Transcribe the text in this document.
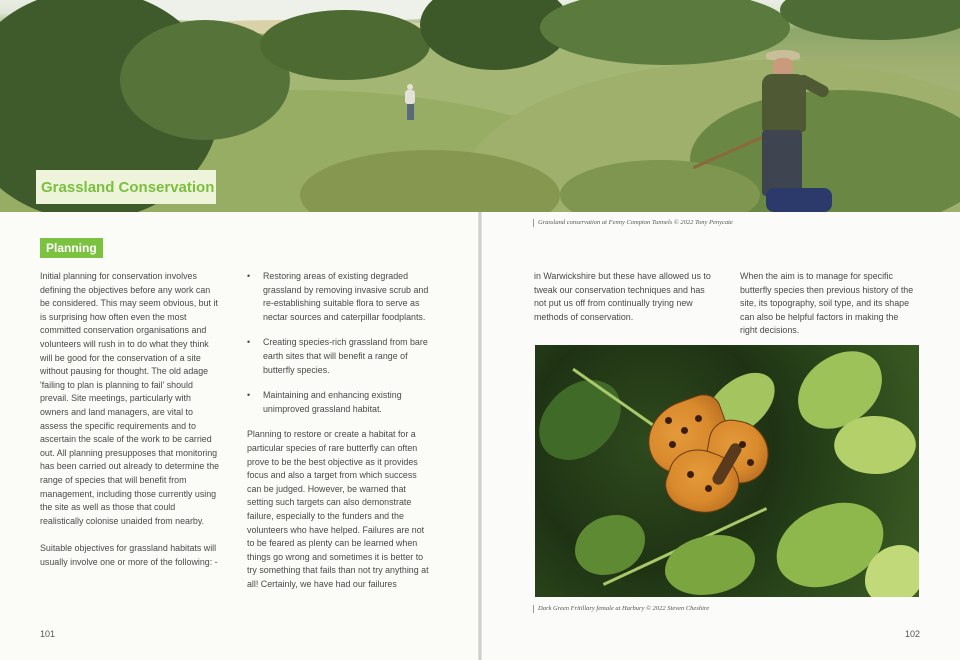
Grassland Conservation
Grassland conservation at Fenny Compton Tunnels © 2022 Tony Penycate
Planning

Initial planning for conservation involves defining the objectives before any work can be considered. This may seem obvious, but it is surprising how often even the most committed conservation organisations and volunteers will rush in to do what they think will be good for the conservation of a site without pausing for thought. The old adage 'failing to plan is planning to fail' should prevail. Site meetings, particularly with owners and land managers, are vital to assess the specific requirements and to ascertain the scale of the work to be carried out. All planning presupposes that monitoring has been carried out already to determine the range of species that will benefit from management, including those currently using the site as well as those that could realistically colonise unaided from nearby.

Suitable objectives for grassland habitats will usually involve one or more of the following: -

• Restoring areas of existing degraded grassland by removing invasive scrub and re-establishing suitable flora to serve as nectar sources and caterpillar foodplants.
• Creating species-rich grassland from bare earth sites that will benefit a range of butterfly species.
• Maintaining and enhancing existing unimproved grassland habitat.

Planning to restore or create a habitat for a particular species of rare butterfly can often prove to be the best objective as it provides focus and also a target from which success can be judged. However, be warned that setting such targets can also demonstrate failure, especially to the funders and the volunteers who have helped. Failures are not to be feared as plenty can be learned when things go wrong and sometimes it is better to try something that fails than not try anything at all! Certainly, we have had our failures

in Warwickshire but these have allowed us to tweak our conservation techniques and has not put us off from continually trying new methods of conservation.

When the aim is to manage for specific butterfly species then previous history of the site, its topography, soil type, and its shape can also be helpful factors in making the right decisions.

Dark Green Fritillary female at Harbury © 2022 Steven Cheshire
101	102
